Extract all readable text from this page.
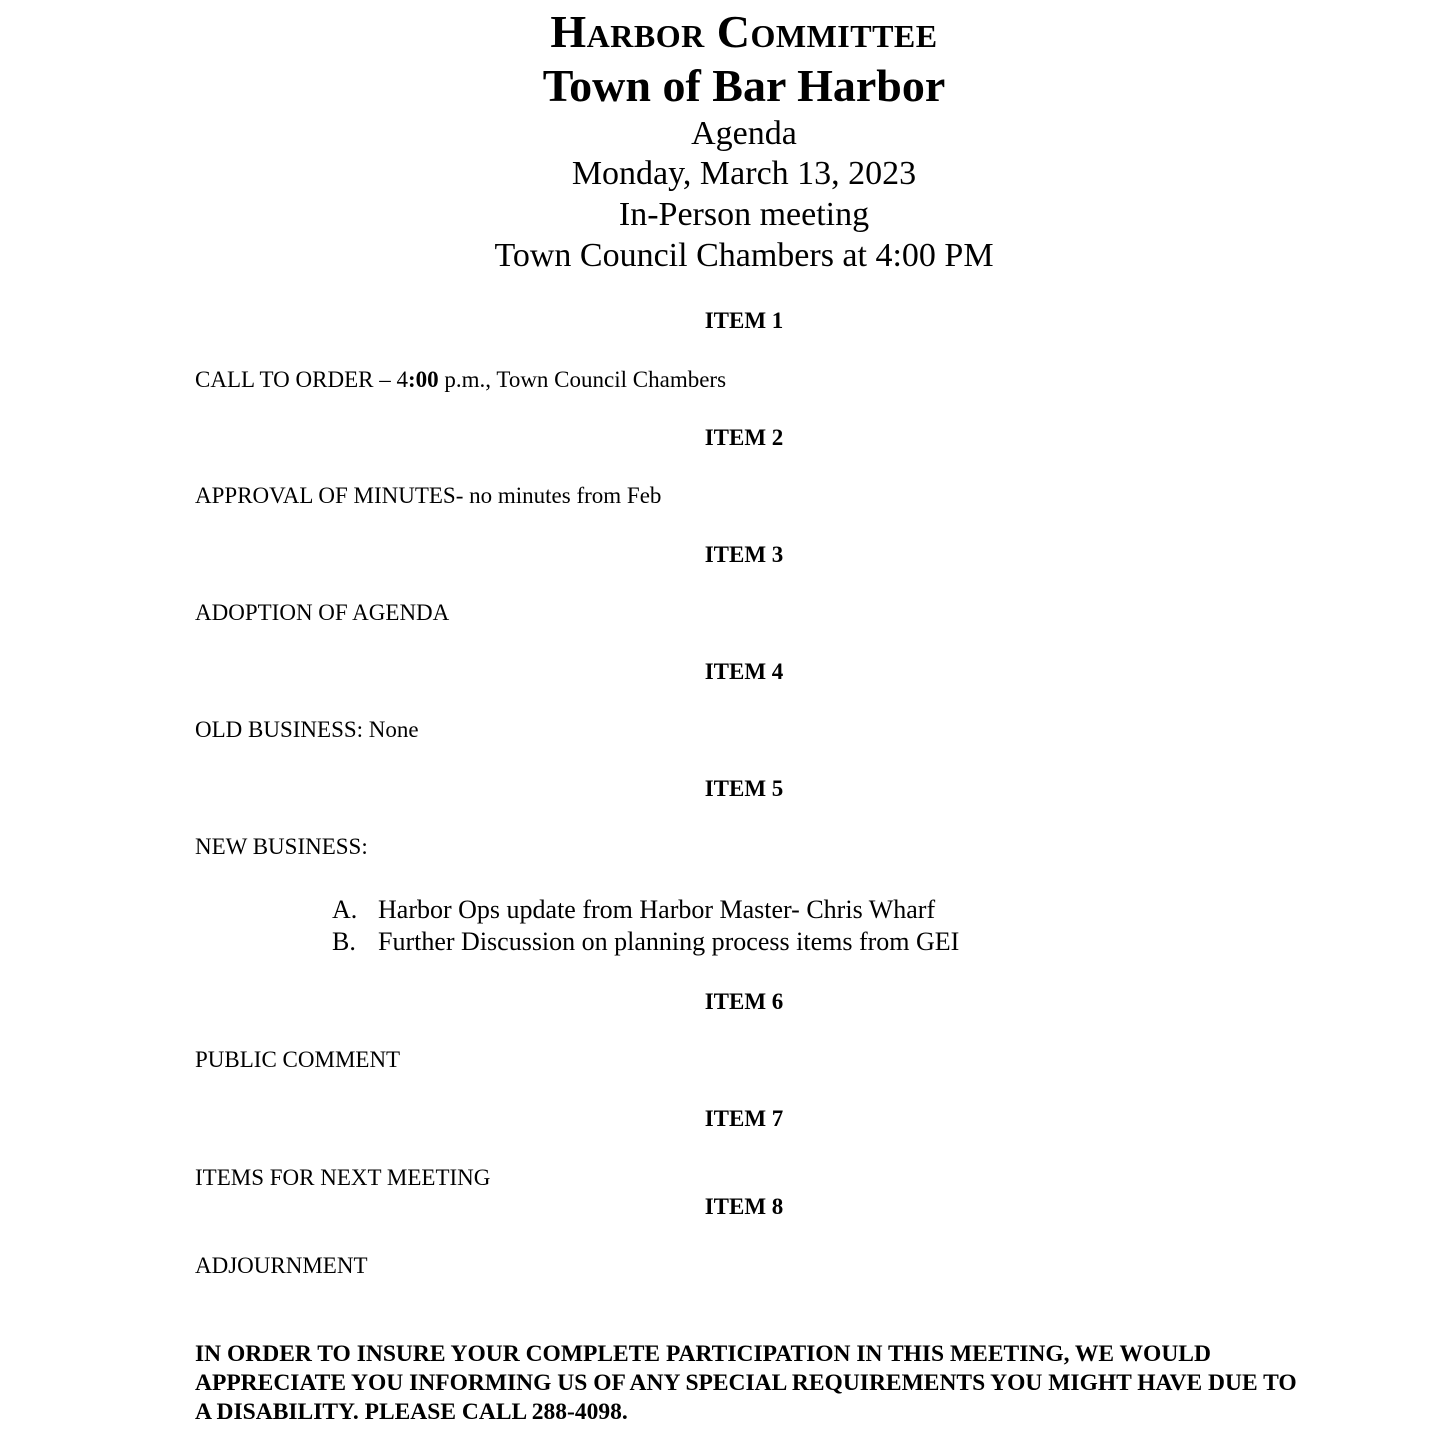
Harbor Committee
Town of Bar Harbor
Agenda
Monday, March 13, 2023
In-Person meeting
Town Council Chambers at 4:00 PM
ITEM 1
CALL TO ORDER – 4:00 p.m., Town Council Chambers
ITEM 2
APPROVAL OF MINUTES- no minutes from Feb
ITEM 3
ADOPTION OF AGENDA
ITEM 4
OLD BUSINESS: None
ITEM 5
NEW BUSINESS:
A. Harbor Ops update from Harbor Master- Chris Wharf
B. Further Discussion on planning process items from GEI
ITEM 6
PUBLIC COMMENT
ITEM 7
ITEMS FOR NEXT MEETING
ITEM 8
ADJOURNMENT
IN ORDER TO INSURE YOUR COMPLETE PARTICIPATION IN THIS MEETING, WE WOULD APPRECIATE YOU INFORMING US OF ANY SPECIAL REQUIREMENTS YOU MIGHT HAVE DUE TO A DISABILITY. PLEASE CALL 288-4098.
